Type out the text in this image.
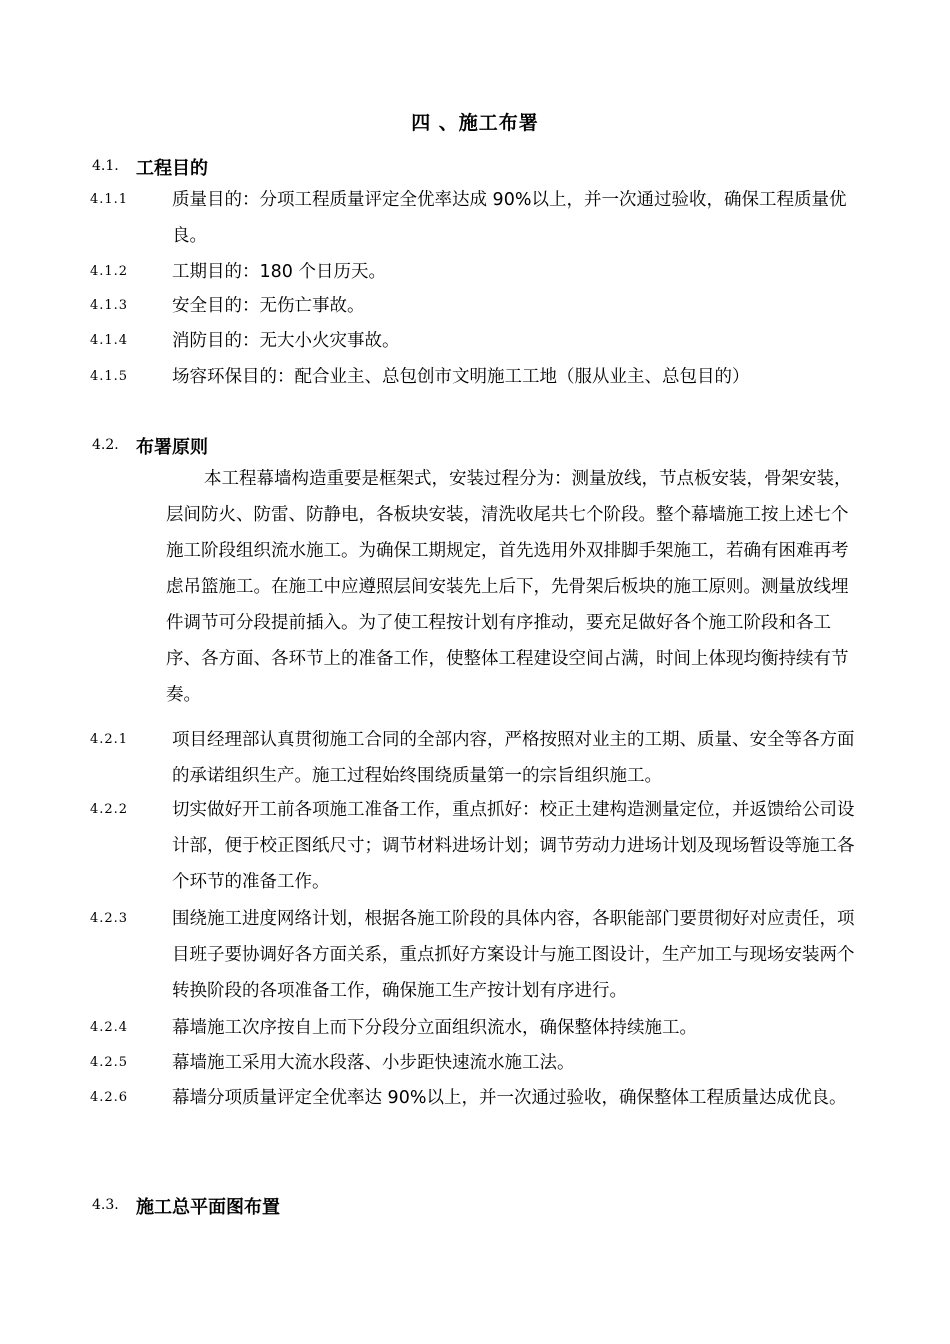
四 、施工布署
4.1. 工程目的
4.1.1	质量目的：分项工程质量评定全优率达成 90%以上，并一次通过验收，确保工程质量优良。
4.1.2	工期目的：180 个日历天。
4.1.3	安全目的：无伤亡事故。
4.1.4	消防目的：无大小火灾事故。
4.1.5	场容环保目的：配合业主、总包创市文明施工工地（服从业主、总包目的）
4.2. 布署原则
本工程幕墙构造重要是框架式，安装过程分为：测量放线，节点板安装，骨架安装，层间防火、防雷、防静电，各板块安装，清洗收尾共七个阶段。整个幕墙施工按上述七个施工阶段组织流水施工。为确保工期规定，首先选用外双排脚手架施工，若确有困难再考虑吊篮施工。在施工中应遵照层间安装先上后下，先骨架后板块的施工原则。测量放线埋件调节可分段提前插入。为了使工程按计划有序推动，要充足做好各个施工阶段和各工序、各方面、各环节上的准备工作，使整体工程建设空间占满，时间上体现均衡持续有节奏。
4.2.1	项目经理部认真贯彻施工合同的全部内容，严格按照对业主的工期、质量、安全等各方面的承诺组织生产。施工过程始终围绕质量第一的宗旨组织施工。
4.2.2	切实做好开工前各项施工准备工作，重点抓好：校正土建构造测量定位，并返馈给公司设计部，便于校正图纸尺寸；调节材料进场计划；调节劳动力进场计划及现场暂设等施工各个环节的准备工作。
4.2.3	围绕施工进度网络计划，根据各施工阶段的具体内容，各职能部门要贯彻好对应责任，项目班子要协调好各方面关系，重点抓好方案设计与施工图设计，生产加工与现场安装两个转换阶段的各项准备工作，确保施工生产按计划有序进行。
4.2.4	幕墙施工次序按自上而下分段分立面组织流水，确保整体持续施工。
4.2.5	幕墙施工采用大流水段落、小步距快速流水施工法。
4.2.6	幕墙分项质量评定全优率达 90%以上，并一次通过验收，确保整体工程质量达成优良。
4.3. 施工总平面图布置
